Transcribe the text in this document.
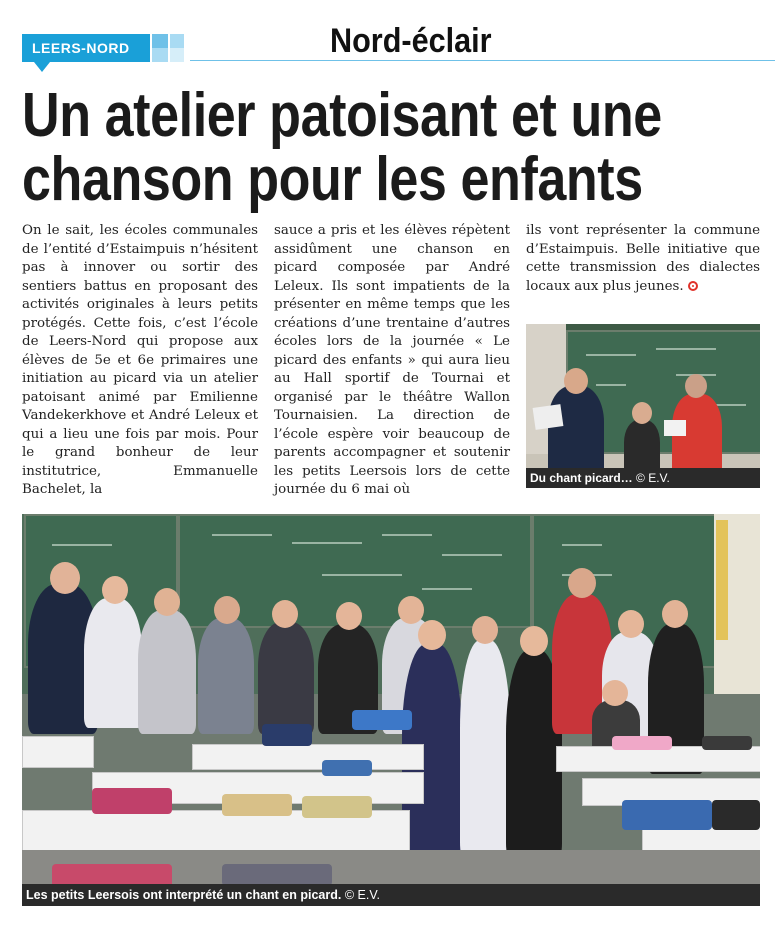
LEERS-NORD	Nord-éclair
Un atelier patoisant et une
chanson pour les enfants

On le sait, les écoles communales de l’entité d’Estaimpuis n’hésitent pas à innover ou sortir des sentiers battus en proposant des activités originales à leurs petits protégés. Cette fois, c’est l’école de Leers-Nord qui propose aux élèves de 5e et 6e primaires une initiation au picard via un atelier patoisant animé par Emilienne Vandekerkhove et André Leleux et qui a lieu une fois par mois. Pour le grand bonheur de leur institutrice, Emmanuelle Bachelet, la

sauce a pris et les élèves répètent assidûment une chanson en picard composée par André Leleux. Ils sont impatients de la présenter en même temps que les créations d’une trentaine d’autres écoles lors de la journée « Le picard des enfants » qui aura lieu au Hall sportif de Tournai et organisé par le théâtre Wallon Tournaisien. La direction de l’école espère voir beaucoup de parents accompagner et soutenir les petits Leersois lors de cette journée du 6 mai où

ils vont représenter la commune d’Estaimpuis. Belle initiative que cette transmission des dialectes locaux aux plus jeunes.

Du chant picard… © E.V.
Les petits Leersois ont interprété un chant en picard. © E.V.
